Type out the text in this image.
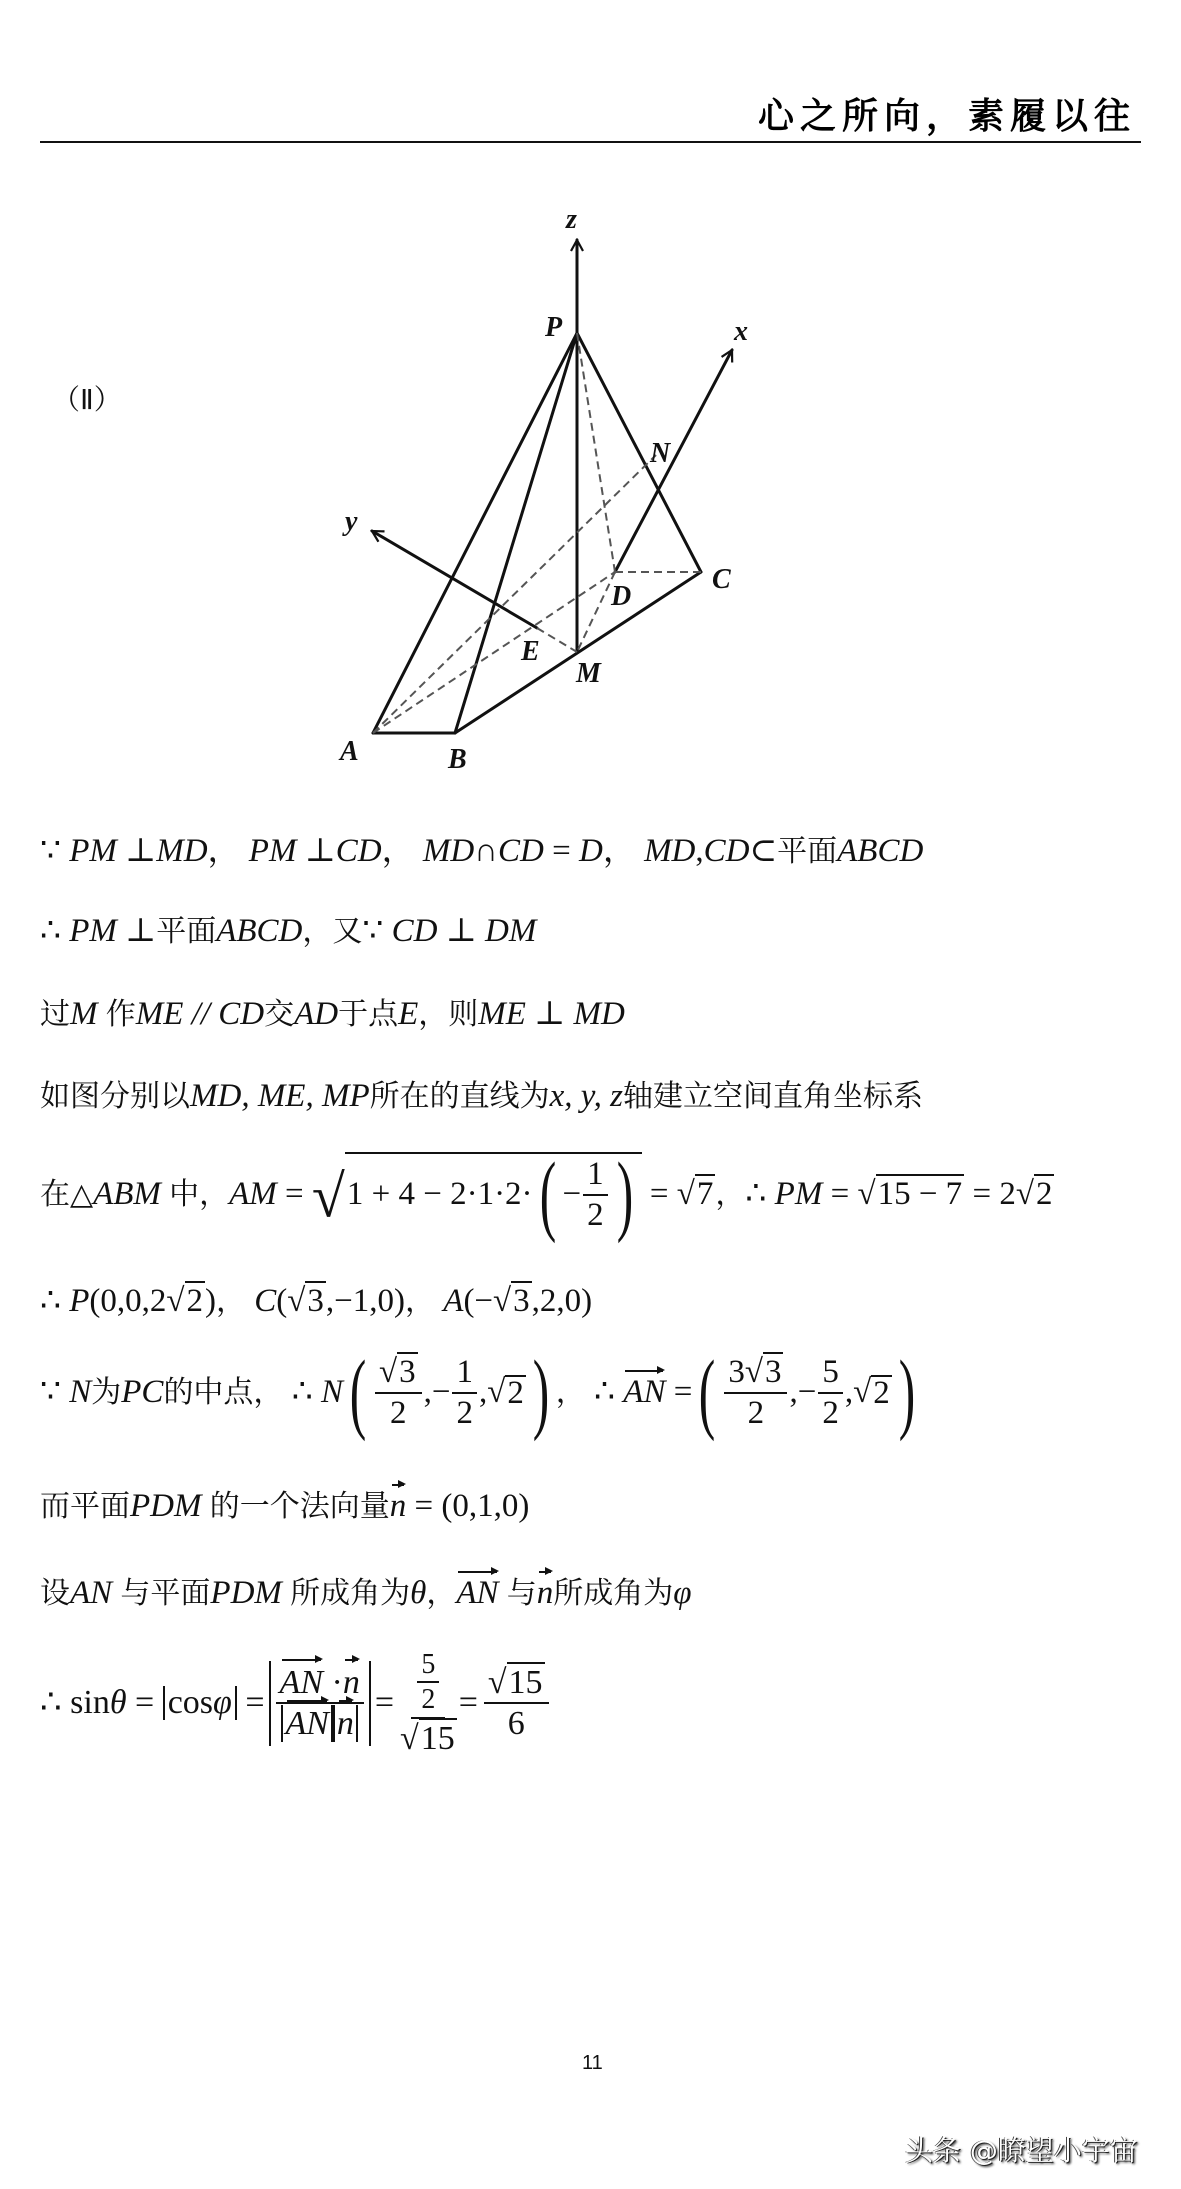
心之所向，素履以往
（Ⅱ）
z
x
y
P
N
C
D
E
M
A	B
∵ PM ⊥MD， PM ⊥CD， MD∩CD = D， MD,CD⊂平面ABCD
∴ PM ⊥平面ABCD，又∵ CD ⊥ DM
过M 作ME // CD交AD于点E，则ME ⊥ MD
如图分别以MD, ME, MP所在的直线为x, y, z轴建立空间直角坐标系
在△ABM 中，AM = √ 1 + 4 − 2·1·2· ( − $\frac{1}{2}$ ) = √7，∴ PM = √15 − 7 = 2√2
∴ P(0,0,2√2)， C(√3,−1,0)， A(−√3,2,0)
∵
N 为 PC 的中点，
∴
N ( $\frac{√3}{2}$ ,− $\frac{1}{2}$ ,√ 2 ) ，
∴
AN
= ( $\frac{3√3}{2}$ ,− $\frac{5}{2}$ ,√ 2 )
而平面PDM 的一个法向量n = (0,1,0)
设AN 与平面PDM 所成角为θ，AN 与n所成角为φ
∴
sin θ
=
cosφ
= $\frac{AN \cdot n}{\text{AN n}} = \frac{\frac{5}{2}}{√15} = \frac{√15}{6}$
11
头条 @瞭望小宇宙
